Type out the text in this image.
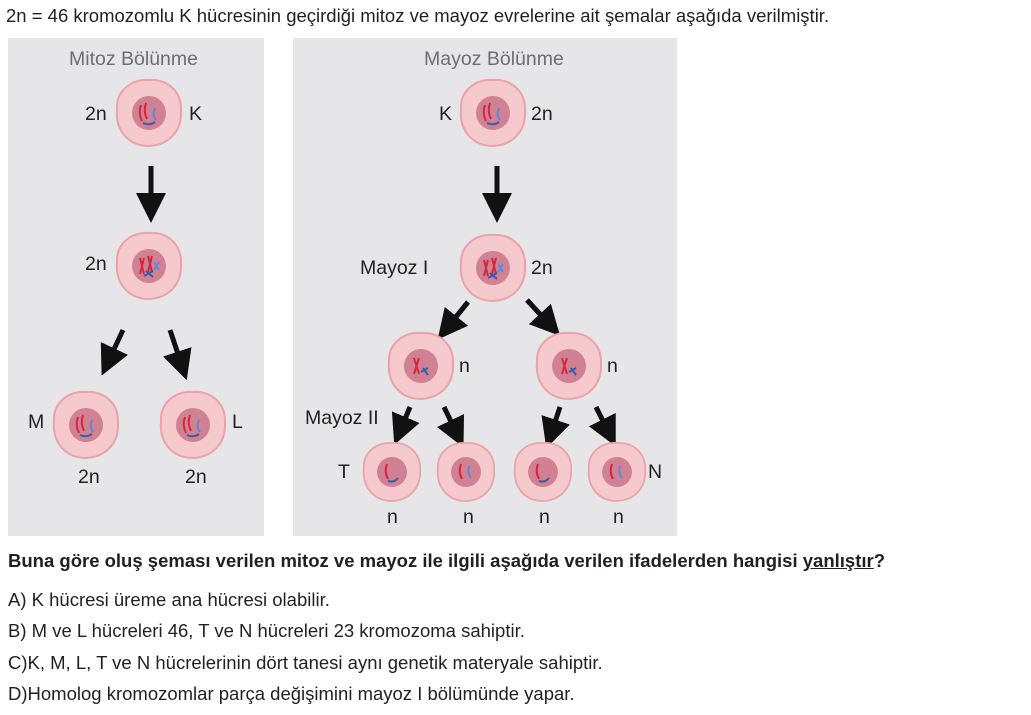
2n = 46 kromozomlu K hücresinin geçirdiği mitoz ve mayoz evrelerine ait şemalar aşağıda verilmiştir.
Mitoz Bölünme
2n	K
2n
M
2n
L
2n
Mayoz Bölünme
K	2n
Mayoz I	2n
n	n
Mayoz II
T	N
n	n	n	n
Buna göre oluş şeması verilen mitoz ve mayoz ile ilgili aşağıda verilen ifadelerden hangisi yanlıştır?
A) K hücresi üreme ana hücresi olabilir.
B) M ve L hücreleri 46, T ve N hücreleri 23 kromozoma sahiptir.
C)K, M, L, T ve N hücrelerinin dört tanesi aynı genetik materyale sahiptir.
D)Homolog kromozomlar parça değişimini mayoz I bölümünde yapar.
